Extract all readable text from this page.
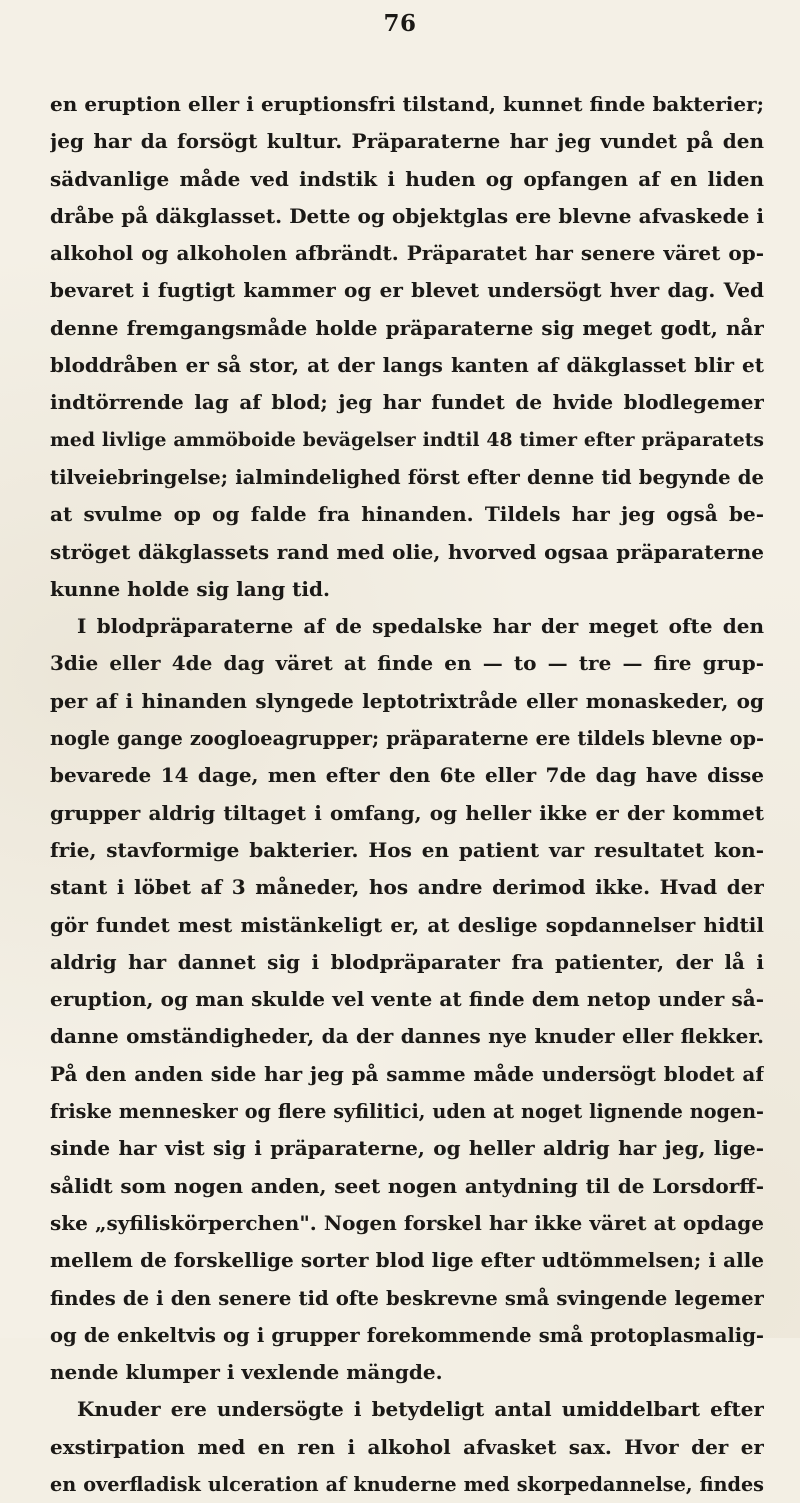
76
en eruption eller i eruptionsfri tilstand, kunnet finde bakterier;
jeg har da forsögt kultur. Präparaterne har jeg vundet på den
sädvanlige måde ved indstik i huden og opfangen af en liden
dråbe på däkglasset. Dette og objektglas ere blevne afvaskede i
alkohol og alkoholen afbrändt. Präparatet har senere väret op-
bevaret i fugtigt kammer og er blevet undersögt hver dag. Ved
denne fremgangsmåde holde präparaterne sig meget godt, når
bloddråben er så stor, at der langs kanten af däkglasset blir et
indtörrende lag af blod; jeg har fundet de hvide blodlegemer
med livlige ammöboide bevägelser indtil 48 timer efter präparatets
tilveiebringelse; ialmindelighed först efter denne tid begynde de
at svulme op og falde fra hinanden. Tildels har jeg også be-
ströget däkglassets rand med olie, hvorved ogsaa präparaterne
kunne holde sig lang tid.
I blodpräparaterne af de spedalske har der meget ofte den
3die eller 4de dag väret at finde en — to — tre — fire grup-
per af i hinanden slyngede leptotrixtråde eller monaskeder, og
nogle gange zoogloeagrupper; präparaterne ere tildels blevne op-
bevarede 14 dage, men efter den 6te eller 7de dag have disse
grupper aldrig tiltaget i omfang, og heller ikke er der kommet
frie, stavformige bakterier. Hos en patient var resultatet kon-
stant i löbet af 3 måneder, hos andre derimod ikke. Hvad der
gör fundet mest mistänkeligt er, at deslige sopdannelser hidtil
aldrig har dannet sig i blodpräparater fra patienter, der lå i
eruption, og man skulde vel vente at finde dem netop under så-
danne omständigheder, da der dannes nye knuder eller flekker.
På den anden side har jeg på samme måde undersögt blodet af
friske mennesker og flere syfilitici, uden at noget lignende nogen-
sinde har vist sig i präparaterne, og heller aldrig har jeg, lige-
sålidt som nogen anden, seet nogen antydning til de Lorsdorff-
ske „syfiliskörperchen". Nogen forskel har ikke väret at opdage
mellem de forskellige sorter blod lige efter udtömmelsen; i alle
findes de i den senere tid ofte beskrevne små svingende legemer
og de enkeltvis og i grupper forekommende små protoplasmalig-
nende klumper i vexlende mängde.
Knuder ere undersögte i betydeligt antal umiddelbart efter
exstirpation med en ren i alkohol afvasket sax. Hvor der er
en overfladisk ulceration af knuderne med skorpedannelse, findes
